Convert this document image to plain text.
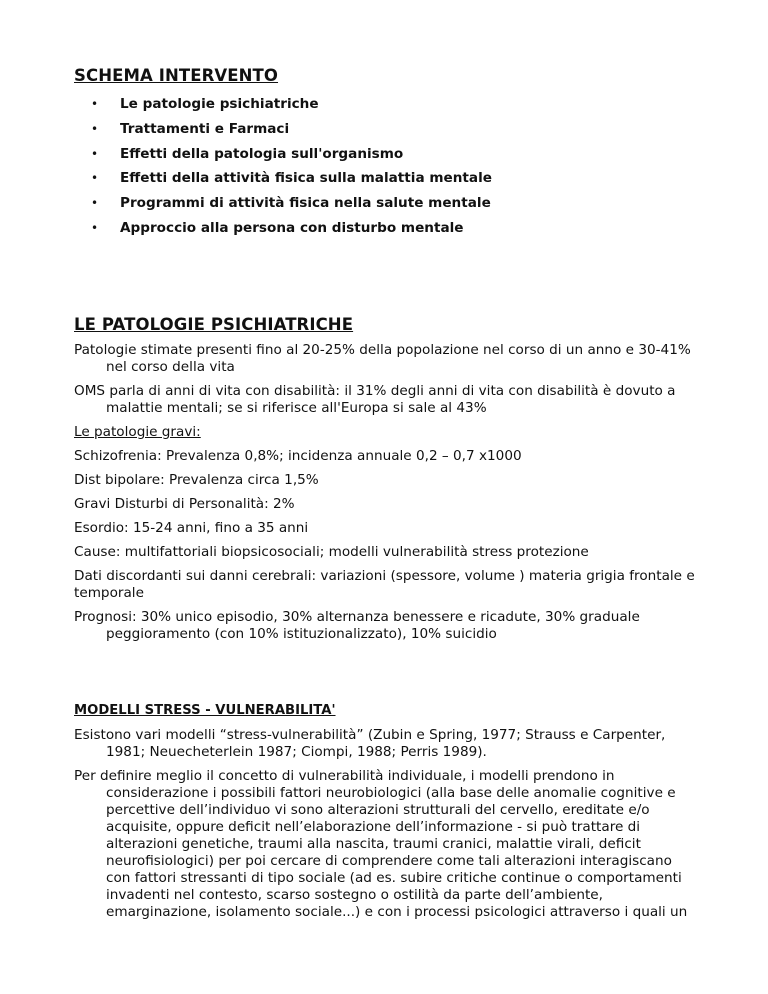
SCHEMA INTERVENTO
• Le patologie psichiatriche
• Trattamenti e Farmaci
• Effetti della patologia sull'organismo
• Effetti della attività fisica sulla malattia mentale
• Programmi di attività fisica nella salute mentale
• Approccio alla persona con disturbo mentale
LE PATOLOGIE PSICHIATRICHE

Patologie stimate presenti fino al 20-25% della popolazione nel corso di un anno e 30-41% nel corso della vita

OMS parla di anni di vita con disabilità: il 31% degli anni di vita con disabilità è dovuto a malattie mentali; se si riferisce all'Europa si sale al 43%

Le patologie gravi:

Schizofrenia: Prevalenza 0,8%; incidenza annuale 0,2 – 0,7 x1000

Dist bipolare: Prevalenza circa 1,5%

Gravi Disturbi di Personalità: 2%

Esordio: 15-24 anni, fino a 35 anni

Cause: multifattoriali biopsicosociali; modelli vulnerabilità stress protezione

Dati discordanti sui danni cerebrali: variazioni (spessore, volume ) materia grigia frontale e temporale

Prognosi: 30% unico episodio, 30% alternanza benessere e ricadute, 30% graduale peggioramento (con 10% istituzionalizzato), 10% suicidio

MODELLI STRESS - VULNERABILITA'

Esistono vari modelli “stress-vulnerabilità” (Zubin e Spring, 1977; Strauss e Carpenter, 1981; Neuecheterlein 1987; Ciompi, 1988; Perris 1989).

Per definire meglio il concetto di vulnerabilità individuale, i modelli prendono in considerazione i possibili fattori neurobiologici (alla base delle anomalie cognitive e percettive dell’individuo vi sono alterazioni strutturali del cervello, ereditate e/o acquisite, oppure deficit nell’elaborazione dell’informazione - si può trattare di alterazioni genetiche, traumi alla nascita, traumi cranici, malattie virali, deficit neurofisiologici) per poi cercare di comprendere come tali alterazioni interagiscano con fattori stressanti di tipo sociale (ad es. subire critiche continue o comportamenti invadenti nel contesto, scarso sostegno o ostilità da parte dell’ambiente, emarginazione, isolamento sociale...) e con i processi psicologici attraverso i quali un
